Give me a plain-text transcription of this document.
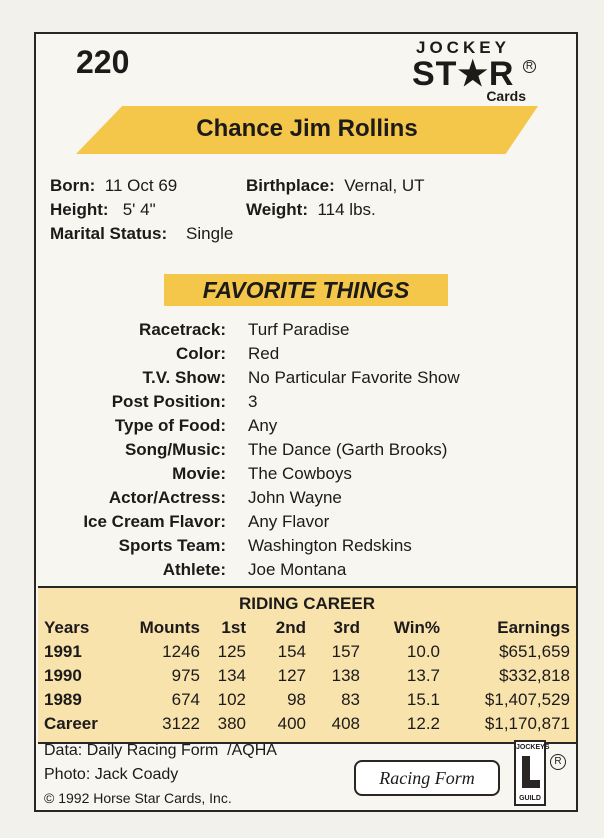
220	JOCKEY
ST★R R
Cards
Chance Jim Rollins
Born: 11 Oct 69	Birthplace: Vernal, UT
Height: 5' 4"	Weight: 114 lbs.
Marital Status: Single
FAVORITE THINGS
Racetrack: Turf Paradise
Color: Red
T.V. Show: No Particular Favorite Show
Post Position: 3
Type of Food: Any
Song/Music: The Dance (Garth Brooks)
Movie: The Cowboys
Actor/Actress: John Wayne
Ice Cream Flavor: Any Flavor
Sports Team: Washington Redskins
Athlete: Joe Montana
RIDING CAREER
Years	Mounts 1st 2nd 3rd Win%	Earnings
1991	1246 125 154 157	10.0	$651,659
1990	975 134 127 138	13.7	$332,818
1989	674 102 98 83	15.1	$1,407,529
Career	3122 380 400 408	12.2	$1,170,871
Data: Daily Racing Form /AQHA
Photo: Jack Coady
© 1992 Horse Star Cards, Inc.
Racing Form
JOCKEYS
GUILD
R
